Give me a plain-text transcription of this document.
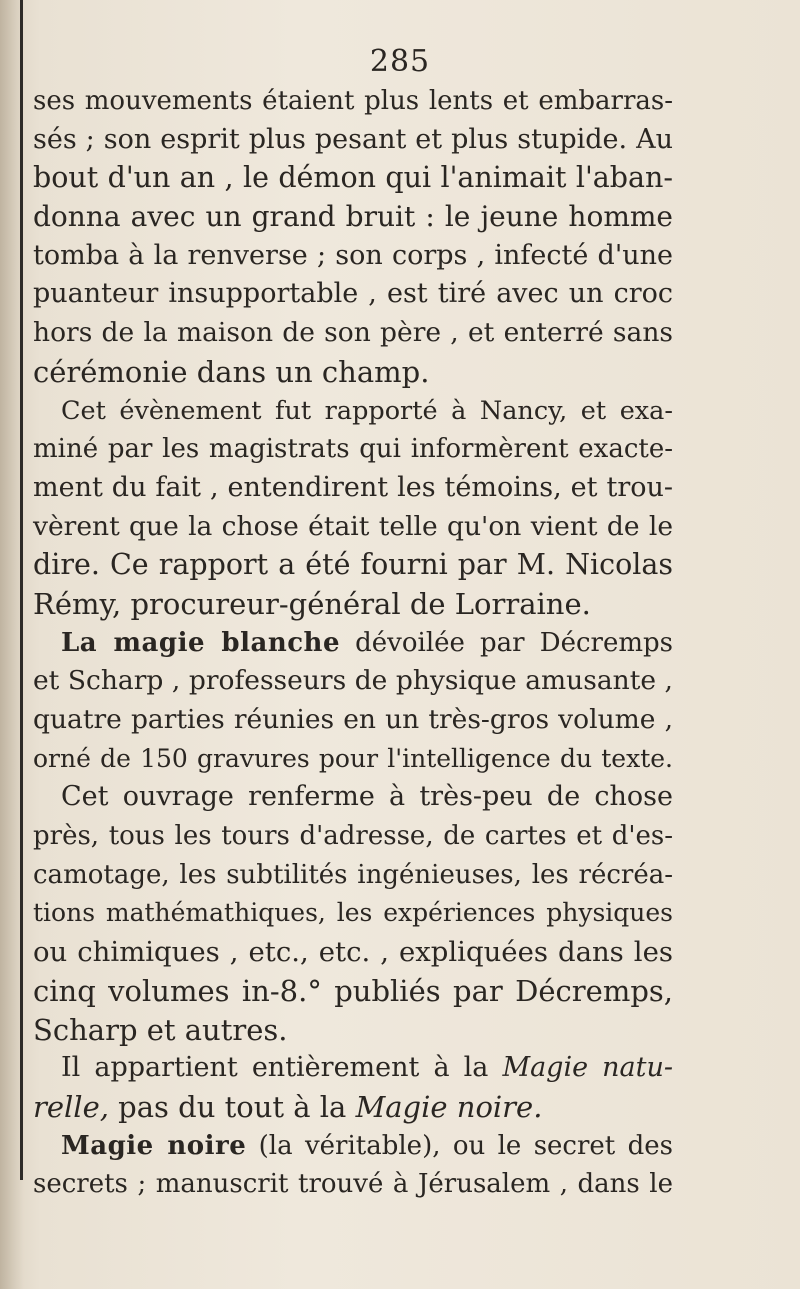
285
ses mouvements étaient plus lents et embarras-
sés ; son esprit plus pesant et plus stupide. Au
bout d'un an , le démon qui l'animait l'aban-
donna avec un grand bruit : le jeune homme
tomba à la renverse ; son corps , infecté d'une
puanteur insupportable , est tiré avec un croc
hors de la maison de son père , et enterré sans
cérémonie dans un champ.
Cet évènement fut rapporté à Nancy, et exa-
miné par les magistrats qui informèrent exacte-
ment du fait , entendirent les témoins, et trou-
vèrent que la chose était telle qu'on vient de le
dire. Ce rapport a été fourni par M. Nicolas
Rémy, procureur-général de Lorraine.
La magie blanche dévoilée par Décremps
et Scharp , professeurs de physique amusante ,
quatre parties réunies en un très-gros volume ,
orné de 150 gravures pour l'intelligence du texte.
Cet ouvrage renferme à très-peu de chose
près, tous les tours d'adresse, de cartes et d'es-
camotage, les subtilités ingénieuses, les récréa-
tions mathémathiques, les expériences physiques
ou chimiques , etc., etc. , expliquées dans les
cinq volumes in-8.° publiés par Décremps,
Scharp et autres.
Il appartient entièrement à la Magie natu-
relle, pas du tout à la Magie noire.
Magie noire (la véritable), ou le secret des
secrets ; manuscrit trouvé à Jérusalem , dans le
